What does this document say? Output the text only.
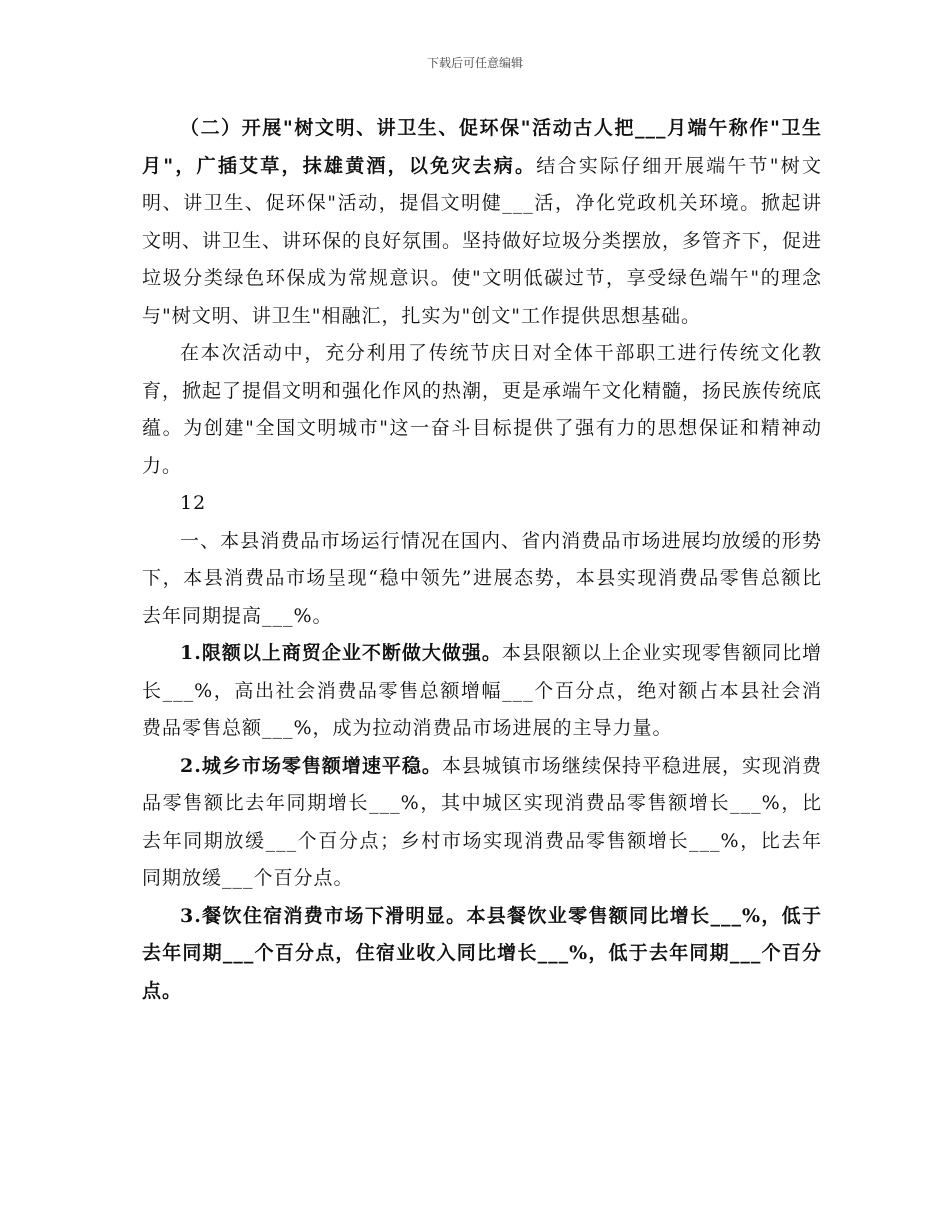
下载后可任意编辑

（二）开展"树文明、讲卫生、促环保"活动古人把___月端午称作"卫生月"，广插艾草，抹雄黄酒，以免灾去病。结合实际仔细开展端午节"树文明、讲卫生、促环保"活动，提倡文明健___活，净化党政机关环境。掀起讲文明、讲卫生、讲环保的良好氛围。坚持做好垃圾分类摆放，多管齐下，促进垃圾分类绿色环保成为常规意识。使"文明低碳过节，享受绿色端午"的理念与"树文明、讲卫生"相融汇，扎实为"创文"工作提供思想基础。

在本次活动中，充分利用了传统节庆日对全体干部职工进行传统文化教育，掀起了提倡文明和强化作风的热潮，更是承端午文化精髓，扬民族传统底蕴。为创建"全国文明城市"这一奋斗目标提供了强有力的思想保证和精神动力。

12

一、本县消费品市场运行情况在国内、省内消费品市场进展均放缓的形势下，本县消费品市场呈现“稳中领先”进展态势，本县实现消费品零售总额比去年同期提高___%。

1.限额以上商贸企业不断做大做强。本县限额以上企业实现零售额同比增长___%，高出社会消费品零售总额增幅___个百分点，绝对额占本县社会消费品零售总额___%，成为拉动消费品市场进展的主导力量。

2.城乡市场零售额增速平稳。本县城镇市场继续保持平稳进展，实现消费品零售额比去年同期增长___%，其中城区实现消费品零售额增长___%，比去年同期放缓___个百分点；乡村市场实现消费品零售额增长___%，比去年同期放缓___个百分点。

3.餐饮住宿消费市场下滑明显。本县餐饮业零售额同比增长___%，低于去年同期___个百分点，住宿业收入同比增长___%，低于去年同期___个百分点。
